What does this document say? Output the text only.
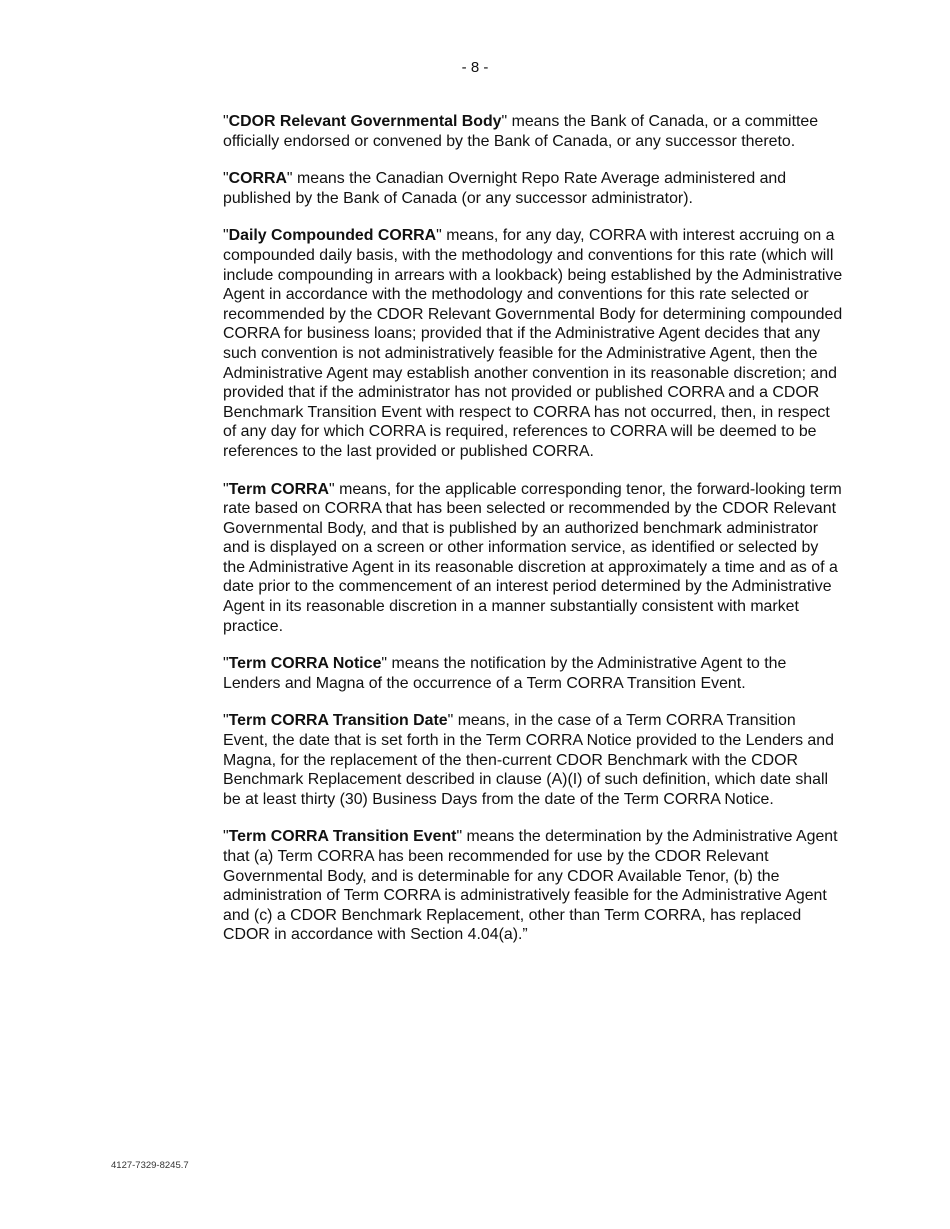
- 8 -

"CDOR Relevant Governmental Body" means the Bank of Canada, or a committee officially endorsed or convened by the Bank of Canada, or any successor thereto.

"CORRA" means the Canadian Overnight Repo Rate Average administered and published by the Bank of Canada (or any successor administrator).

"Daily Compounded CORRA" means, for any day, CORRA with interest accruing on a compounded daily basis, with the methodology and conventions for this rate (which will include compounding in arrears with a lookback) being established by the Administrative Agent in accordance with the methodology and conventions for this rate selected or recommended by the CDOR Relevant Governmental Body for determining compounded CORRA for business loans; provided that if the Administrative Agent decides that any such convention is not administratively feasible for the Administrative Agent, then the Administrative Agent may establish another convention in its reasonable discretion; and provided that if the administrator has not provided or published CORRA and a CDOR Benchmark Transition Event with respect to CORRA has not occurred, then, in respect of any day for which CORRA is required, references to CORRA will be deemed to be references to the last provided or published CORRA.

"Term CORRA" means, for the applicable corresponding tenor, the forward-looking term rate based on CORRA that has been selected or recommended by the CDOR Relevant Governmental Body, and that is published by an authorized benchmark administrator and is displayed on a screen or other information service, as identified or selected by the Administrative Agent in its reasonable discretion at approximately a time and as of a date prior to the commencement of an interest period determined by the Administrative Agent in its reasonable discretion in a manner substantially consistent with market practice.

"Term CORRA Notice" means the notification by the Administrative Agent to the Lenders and Magna of the occurrence of a Term CORRA Transition Event.

"Term CORRA Transition Date" means, in the case of a Term CORRA Transition Event, the date that is set forth in the Term CORRA Notice provided to the Lenders and Magna, for the replacement of the then-current CDOR Benchmark with the CDOR Benchmark Replacement described in clause (A)(I) of such definition, which date shall be at least thirty (30) Business Days from the date of the Term CORRA Notice.

"Term CORRA Transition Event" means the determination by the Administrative Agent that (a) Term CORRA has been recommended for use by the CDOR Relevant Governmental Body, and is determinable for any CDOR Available Tenor, (b) the administration of Term CORRA is administratively feasible for the Administrative Agent and (c) a CDOR Benchmark Replacement, other than Term CORRA, has replaced CDOR in accordance with Section 4.04(a).”

4127-7329-8245.7
